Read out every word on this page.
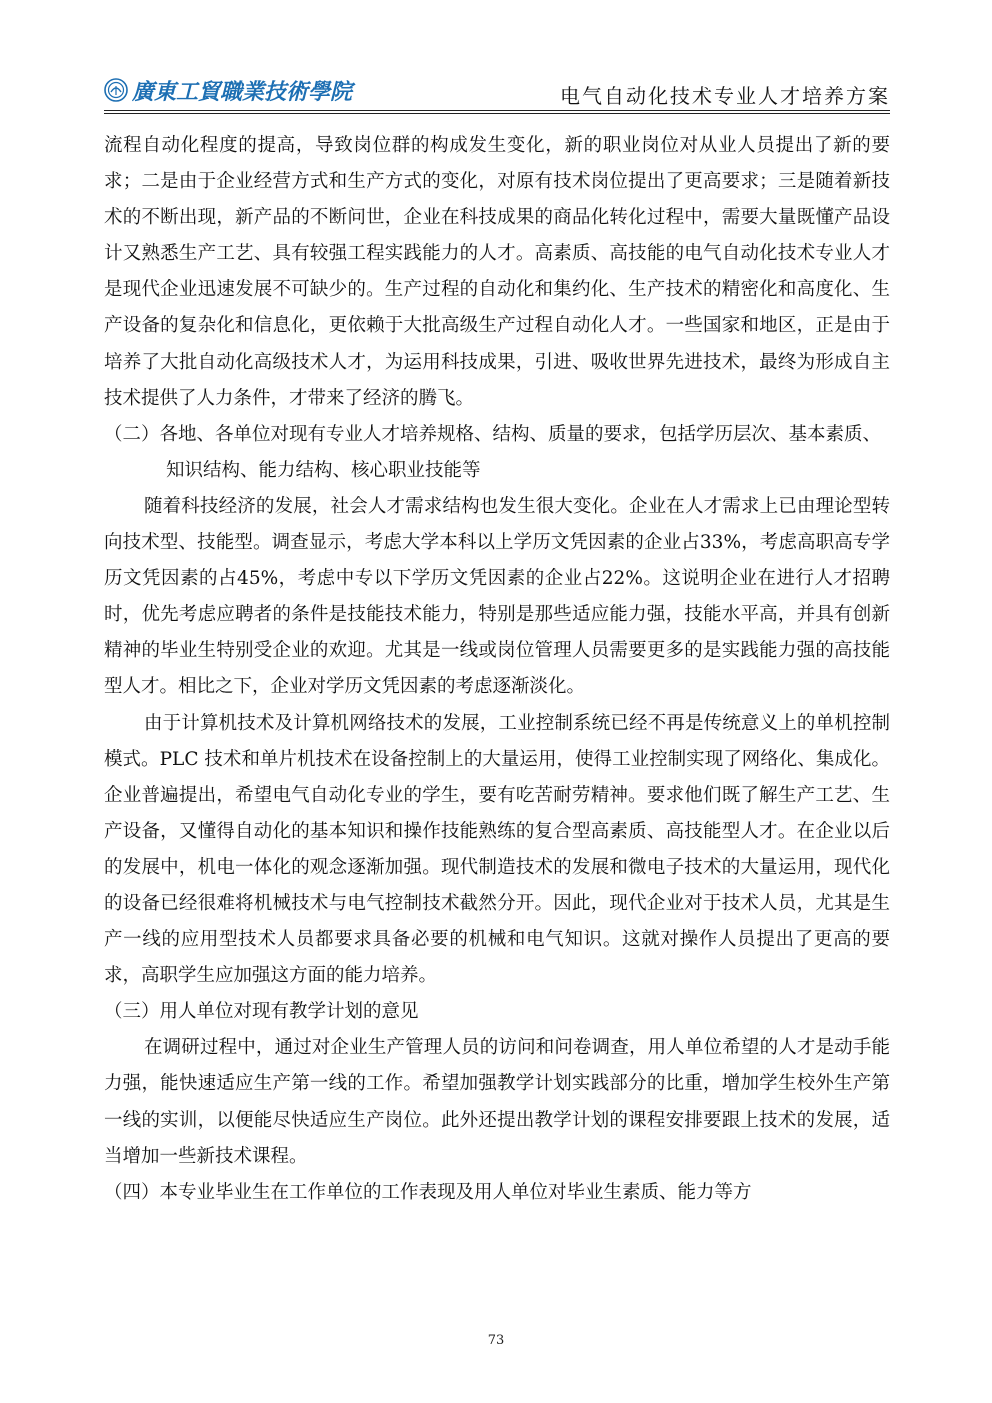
廣東工貿職業技術學院	电气自动化技术专业人才培养方案

流程自动化程度的提高，导致岗位群的构成发生变化，新的职业岗位对从业人员提出了新的要求；二是由于企业经营方式和生产方式的变化，对原有技术岗位提出了更高要求；三是随着新技术的不断出现，新产品的不断问世，企业在科技成果的商品化转化过程中，需要大量既懂产品设计又熟悉生产工艺、具有较强工程实践能力的人才。高素质、高技能的电气自动化技术专业人才是现代企业迅速发展不可缺少的。生产过程的自动化和集约化、生产技术的精密化和高度化、生产设备的复杂化和信息化，更依赖于大批高级生产过程自动化人才。一些国家和地区，正是由于培养了大批自动化高级技术人才，为运用科技成果，引进、吸收世界先进技术，最终为形成自主技术提供了人力条件，才带来了经济的腾飞。

（二）各地、各单位对现有专业人才培养规格、结构、质量的要求，包括学历层次、基本素质、知识结构、能力结构、核心职业技能等

随着科技经济的发展，社会人才需求结构也发生很大变化。企业在人才需求上已由理论型转向技术型、技能型。调查显示，考虑大学本科以上学历文凭因素的企业占33%，考虑高职高专学历文凭因素的占45%，考虑中专以下学历文凭因素的企业占22%。这说明企业在进行人才招聘时，优先考虑应聘者的条件是技能技术能力，特别是那些适应能力强，技能水平高，并具有创新精神的毕业生特别受企业的欢迎。尤其是一线或岗位管理人员需要更多的是实践能力强的高技能型人才。相比之下，企业对学历文凭因素的考虑逐渐淡化。

由于计算机技术及计算机网络技术的发展，工业控制系统已经不再是传统意义上的单机控制模式。PLC 技术和单片机技术在设备控制上的大量运用，使得工业控制实现了网络化、集成化。企业普遍提出，希望电气自动化专业的学生，要有吃苦耐劳精神。要求他们既了解生产工艺、生产设备，又懂得自动化的基本知识和操作技能熟练的复合型高素质、高技能型人才。在企业以后的发展中，机电一体化的观念逐渐加强。现代制造技术的发展和微电子技术的大量运用，现代化的设备已经很难将机械技术与电气控制技术截然分开。因此，现代企业对于技术人员，尤其是生产一线的应用型技术人员都要求具备必要的机械和电气知识。这就对操作人员提出了更高的要求，高职学生应加强这方面的能力培养。

（三）用人单位对现有教学计划的意见

在调研过程中，通过对企业生产管理人员的访问和问卷调查，用人单位希望的人才是动手能力强，能快速适应生产第一线的工作。希望加强教学计划实践部分的比重，增加学生校外生产第一线的实训，以便能尽快适应生产岗位。此外还提出教学计划的课程安排要跟上技术的发展，适当增加一些新技术课程。

（四）本专业毕业生在工作单位的工作表现及用人单位对毕业生素质、能力等方

73
